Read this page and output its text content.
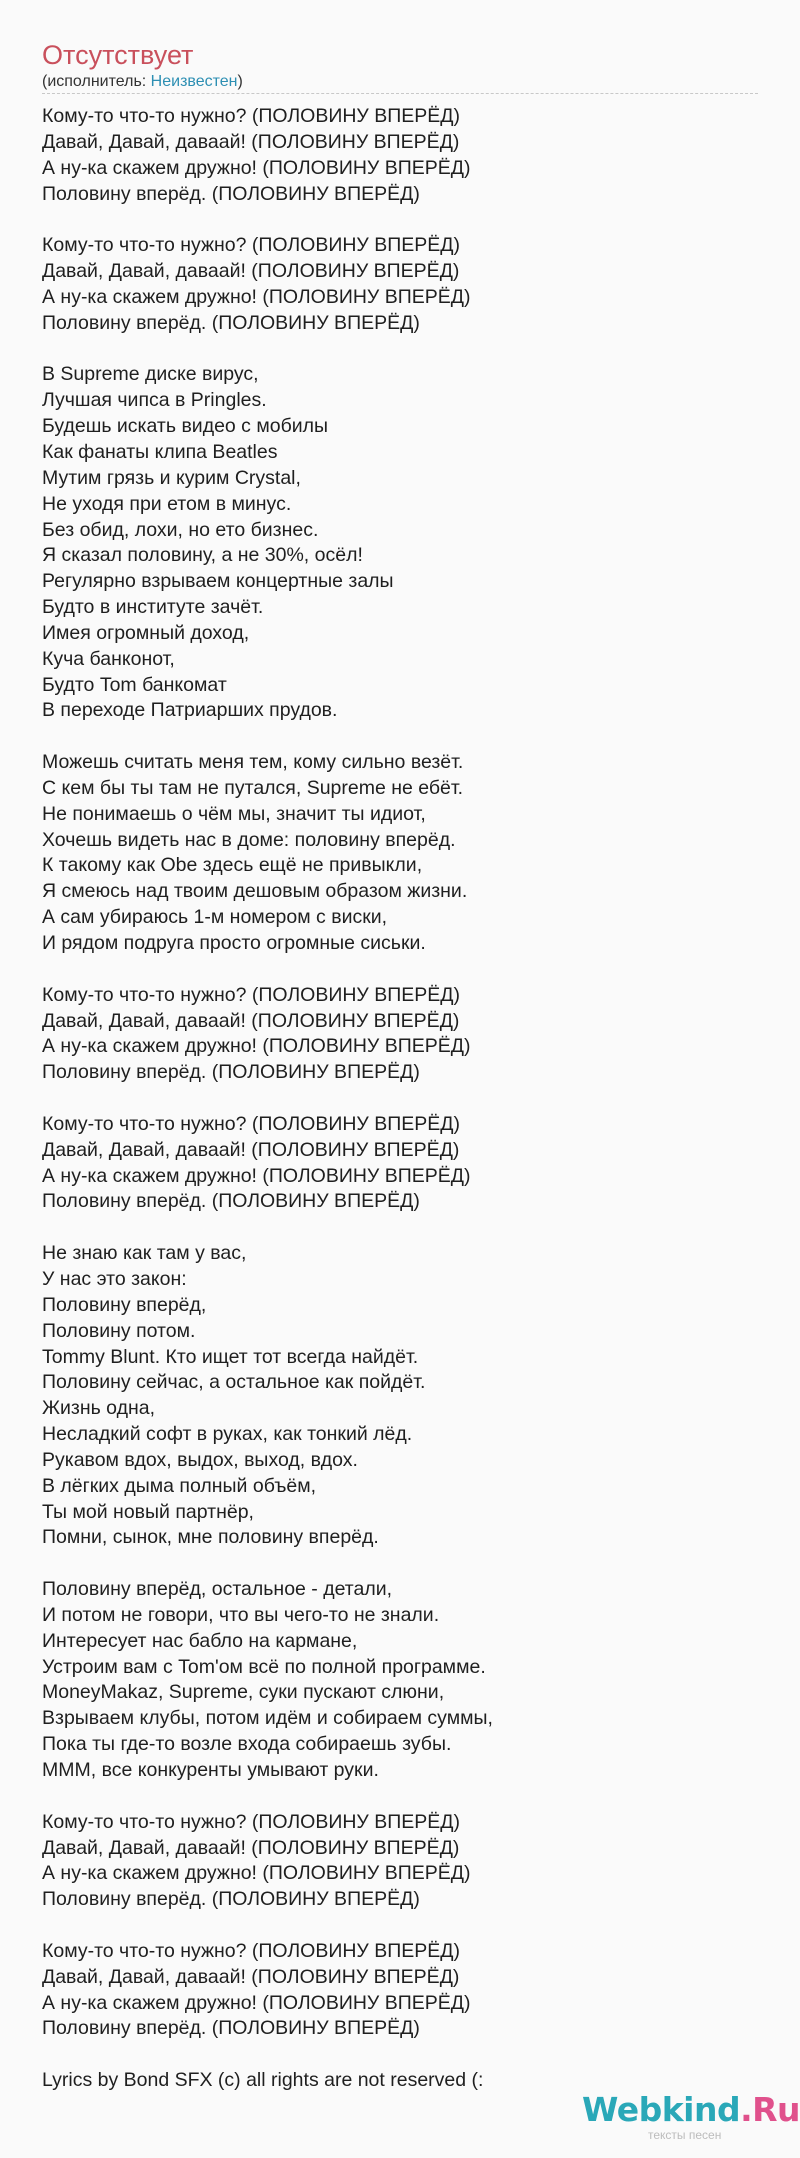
Отсутствует
(исполнитель: Неизвестен)
Кому-то что-то нужно? (ПОЛОВИНУ ВПЕРЁД)
Давай, Давай, даваай! (ПОЛОВИНУ ВПЕРЁД)
А ну-ка скажем дружно! (ПОЛОВИНУ ВПЕРЁД)
Половину вперёд. (ПОЛОВИНУ ВПЕРЁД)
Кому-то что-то нужно? (ПОЛОВИНУ ВПЕРЁД)
Давай, Давай, даваай! (ПОЛОВИНУ ВПЕРЁД)
А ну-ка скажем дружно! (ПОЛОВИНУ ВПЕРЁД)
Половину вперёд. (ПОЛОВИНУ ВПЕРЁД)
В Supreme диске вирус,
Лучшая чипса в Pringles.
Будешь искать видео с мобилы
Как фанаты клипа Beatles
Мутим грязь и курим Crystal,
Не уходя при етом в минус.
Без обид, лохи, но ето бизнес.
Я сказал половину, а не 30%, осёл!
Регулярно взрываем концертные залы
Будто в институте зачёт.
Имея огромный доход,
Куча банконот,
Будто Tom банкомат
В переходе Патриарших прудов.
Можешь считать меня тем, кому сильно везёт.
С кем бы ты там не путался, Supreme не ебёт.
Не понимаешь о чём мы, значит ты идиот,
Хочешь видеть нас в доме: половину вперёд.
К такому как Obe здесь ещё не привыкли,
Я смеюсь над твоим дешовым образом жизни.
А сам убираюсь 1-м номером с виски,
И рядом подруга просто огромные сиськи.
Кому-то что-то нужно? (ПОЛОВИНУ ВПЕРЁД)
Давай, Давай, даваай! (ПОЛОВИНУ ВПЕРЁД)
А ну-ка скажем дружно! (ПОЛОВИНУ ВПЕРЁД)
Половину вперёд. (ПОЛОВИНУ ВПЕРЁД)
Кому-то что-то нужно? (ПОЛОВИНУ ВПЕРЁД)
Давай, Давай, даваай! (ПОЛОВИНУ ВПЕРЁД)
А ну-ка скажем дружно! (ПОЛОВИНУ ВПЕРЁД)
Половину вперёд. (ПОЛОВИНУ ВПЕРЁД)
Не знаю как там у вас,
У нас это закон:
Половину вперёд,
Половину потом.
Tommy Blunt. Кто ищет тот всегда найдёт.
Половину сейчас, а остальное как пойдёт.
Жизнь одна,
Несладкий софт в руках, как тонкий лёд.
Рукавом вдох, выдох, выход, вдох.
В лёгких дыма полный объём,
Ты мой новый партнёр,
Помни, сынок, мне половину вперёд.
Половину вперёд, остальное - детали,
И потом не говори, что вы чего-то не знали.
Интересует нас бабло на кармане,
Устроим вам с Tom'ом всё по полной программе.
MoneyMakaz, Supreme, суки пускают слюни,
Взрываем клубы, потом идём и собираем суммы,
Пока ты где-то возле входа собираешь зубы.
МММ, все конкуренты умывают руки.
Кому-то что-то нужно? (ПОЛОВИНУ ВПЕРЁД)
Давай, Давай, даваай! (ПОЛОВИНУ ВПЕРЁД)
А ну-ка скажем дружно! (ПОЛОВИНУ ВПЕРЁД)
Половину вперёд. (ПОЛОВИНУ ВПЕРЁД)
Кому-то что-то нужно? (ПОЛОВИНУ ВПЕРЁД)
Давай, Давай, даваай! (ПОЛОВИНУ ВПЕРЁД)
А ну-ка скажем дружно! (ПОЛОВИНУ ВПЕРЁД)
Половину вперёд. (ПОЛОВИНУ ВПЕРЁД)
Lyrics by Bond SFX (c) all rights are not reserved (:
Webkind.Ru
тексты песен
